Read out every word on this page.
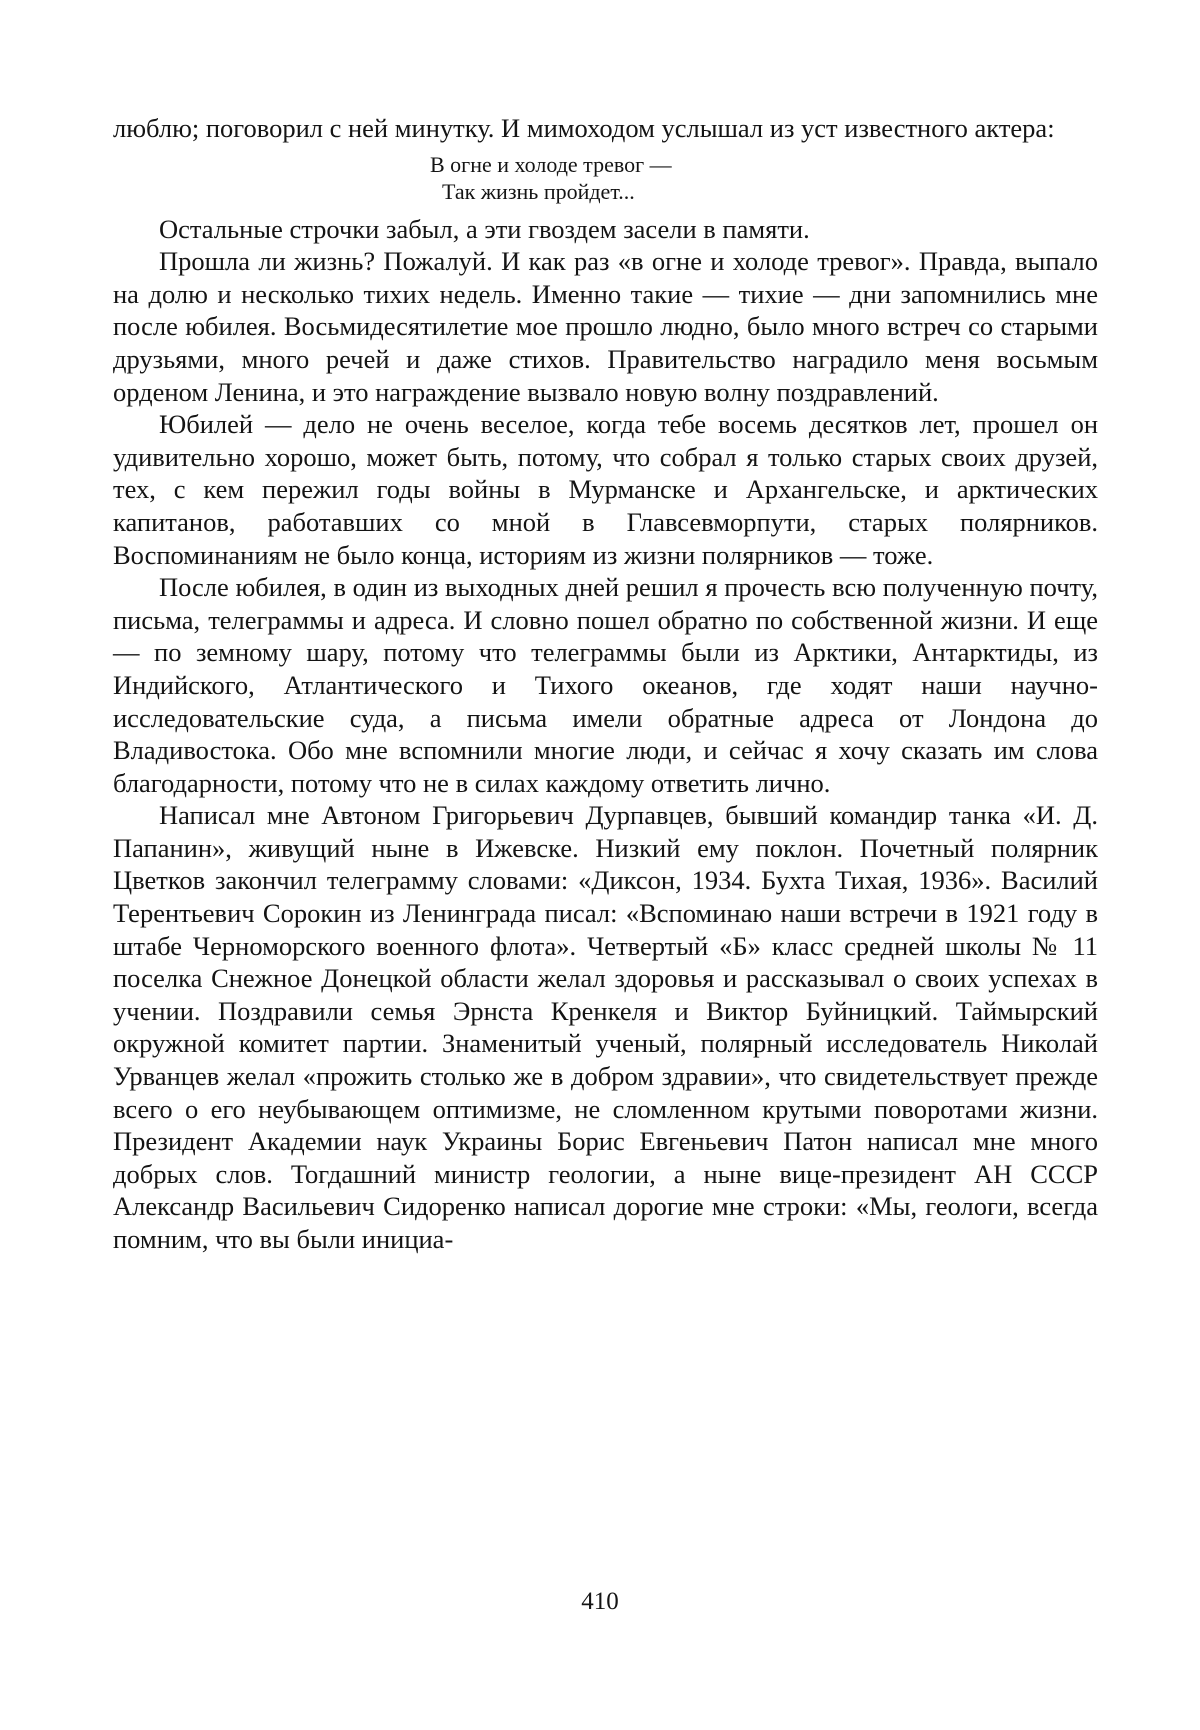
люблю; поговорил с ней минутку. И мимоходом услышал из уст известного актера:

В огне и холоде тревог —
Так жизнь пройдет...

Остальные строчки забыл, а эти гвоздем засели в памяти.

Прошла ли жизнь? Пожалуй. И как раз «в огне и холоде тревог». Правда, выпало на долю и несколько тихих недель. Именно такие — тихие — дни запомнились мне после юбилея. Восьмидесятилетие мое прошло людно, было много встреч со старыми друзьями, много речей и даже стихов. Правительство наградило меня восьмым орденом Ленина, и это награждение вызвало новую волну поздравлений.

Юбилей — дело не очень веселое, когда тебе восемь десятков лет, прошел он удивительно хорошо, может быть, потому, что собрал я только старых своих друзей, тех, с кем пережил годы войны в Мурманске и Архангельске, и арктических капитанов, работавших со мной в Главсевморпути, старых полярников. Воспоминаниям не было конца, историям из жизни полярников — тоже.

После юбилея, в один из выходных дней решил я прочесть всю полученную почту, письма, телеграммы и адреса. И словно пошел обратно по собственной жизни. И еще — по земному шару, потому что телеграммы были из Арктики, Антарктиды, из Индийского, Атлантического и Тихого океанов, где ходят наши научно-исследовательские суда, а письма имели обратные адреса от Лондона до Владивостока. Обо мне вспомнили многие люди, и сейчас я хочу сказать им слова благодарности, потому что не в силах каждому ответить лично.

Написал мне Автоном Григорьевич Дурпавцев, бывший командир танка «И. Д. Папанин», живущий ныне в Ижевске. Низкий ему поклон. Почетный полярник Цветков закончил телеграмму словами: «Диксон, 1934. Бухта Тихая, 1936». Василий Терентьевич Сорокин из Ленинграда писал: «Вспоминаю наши встречи в 1921 году в штабе Черноморского военного флота». Четвертый «Б» класс средней школы № 11 поселка Снежное Донецкой области желал здоровья и рассказывал о своих успехах в учении. Поздравили семья Эрнста Кренкеля и Виктор Буйницкий. Таймырский окружной комитет партии. Знаменитый ученый, полярный исследователь Николай Урванцев желал «прожить столько же в добром здравии», что свидетельствует прежде всего о его неубывающем оптимизме, не сломленном крутыми поворотами жизни. Президент Академии наук Украины Борис Евгеньевич Патон написал мне много добрых слов. Тогдашний министр геологии, а ныне вице-президент АН СССР Александр Васильевич Сидоренко написал дорогие мне строки: «Мы, геологи, всегда помним, что вы были инициа-

410
